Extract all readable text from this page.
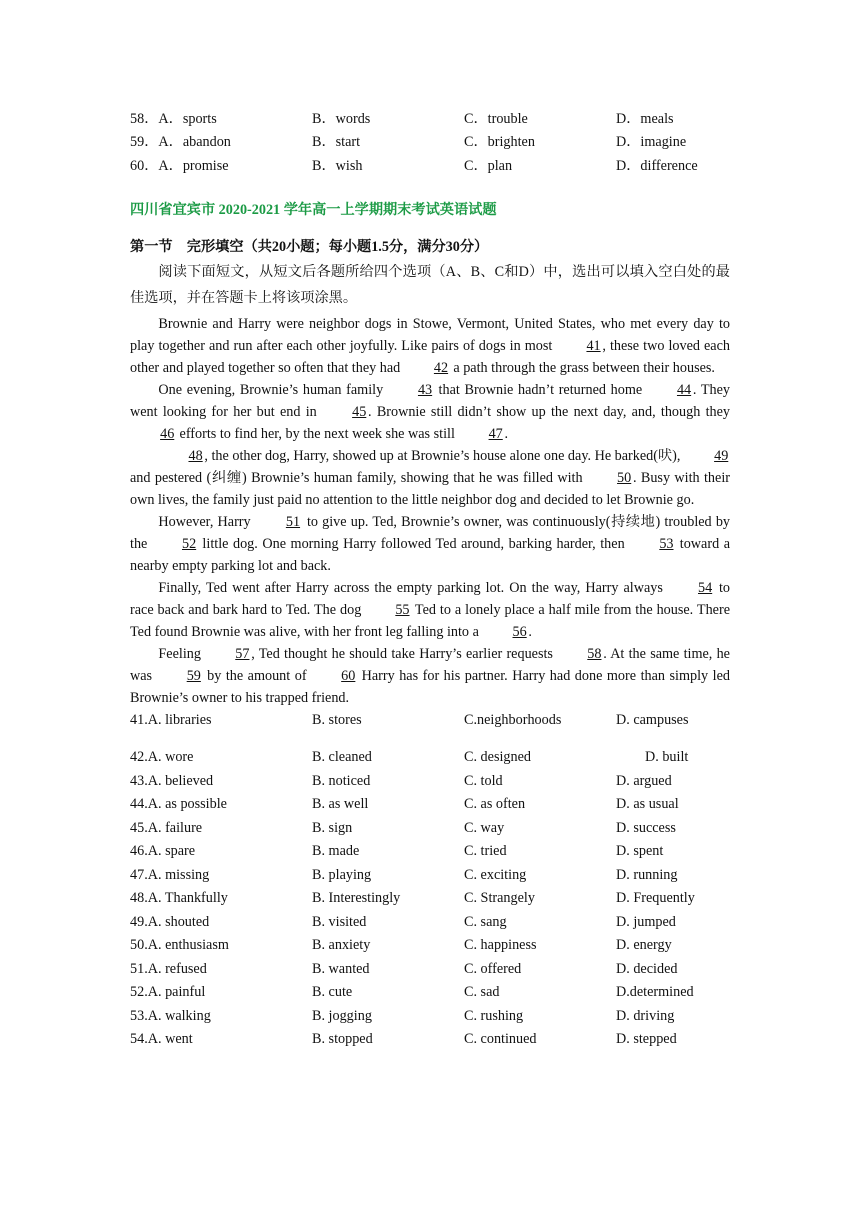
58．A．sports	B．words	C．trouble	D．meals
59．A．abandon	B．start	C．brighten	D．imagine
60．A．promise	B．wish	C．plan	D．difference
四川省宜宾市 2020-2021 学年高一上学期期末考试英语试题
第一节　完形填空（共20小题；每小题1.5分，满分30分）

阅读下面短文，从短文后各题所给四个选项（A、B、C和D）中，选出可以填入空白处的最佳选项，并在答题卡上将该项涂黑。

Brownie and Harry were neighbor dogs in Stowe, Vermont, United States, who met every day to play together and run after each other joyfully. Like pairs of dogs in most 41 , these two loved each other and played together so often that they had 42 a path through the grass between their houses.

One evening, Brownie’s human family 43 that Brownie hadn’t returned home 44 . They went looking for her but end in 45 . Brownie still didn’t show up the next day, and, though they 46 efforts to find her, by the next week she was still 47 .

48 , the other dog, Harry, showed up at Brownie’s house alone one day. He barked(吠), 49 and pestered (纠缠) Brownie’s human family, showing that he was filled with 50 . Busy with their own lives, the family just paid no attention to the little neighbor dog and decided to let Brownie go.

However, Harry 51 to give up. Ted, Brownie’s owner, was continuously(持续地) troubled by the 52 little dog. One morning Harry followed Ted around, barking harder, then 53 toward a nearby empty parking lot and back.

Finally, Ted went after Harry across the empty parking lot. On the way, Harry always 54 to race back and bark hard to Ted. The dog 55 Ted to a lonely place a half mile from the house. There Ted found Brownie was alive, with her front leg falling into a 56 .

Feeling 57 , Ted thought he should take Harry’s earlier requests 58 . At the same time, he was 59 by the amount of 60 Harry has for his partner. Harry had done more than simply led Brownie’s owner to his trapped friend.

41.A. libraries	B. stores	C.neighborhoods	D. campuses
42.A. wore	B. cleaned	C. designed	D. built
43.A. believed	B. noticed	C. told	D. argued
44.A. as possible	B. as well	C. as often	D. as usual
45.A. failure	B. sign	C. way	D. success
46.A. spare	B. made	C. tried	D. spent
47.A. missing	B. playing	C. exciting	D. running
48.A. Thankfully	B. Interestingly	C. Strangely	D. Frequently
49.A. shouted	B. visited	C. sang	D. jumped
50.A. enthusiasm	B. anxiety	C. happiness	D. energy
51.A. refused	B. wanted	C. offered	D. decided
52.A. painful	B. cute	C. sad	D.determined
53.A. walking	B. jogging	C. rushing	D. driving
54.A. went	B. stopped	C. continued	D. stepped
